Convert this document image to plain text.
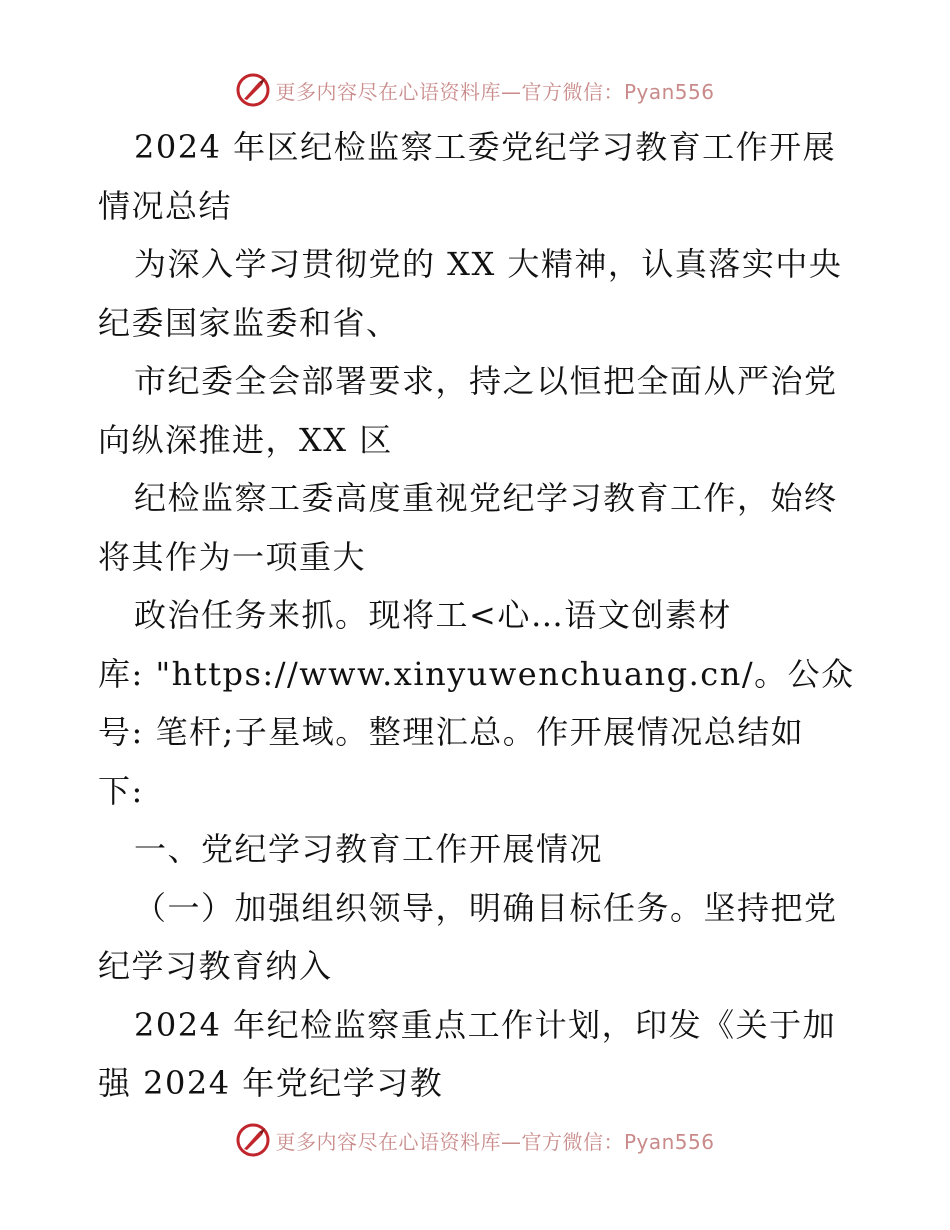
更多内容尽在心语资料库—官方微信：Pyan556
2024 年区纪检监察工委党纪学习教育工作开展
情况总结
为深入学习贯彻党的 XX 大精神，认真落实中央
纪委国家监委和省、
市纪委全会部署要求，持之以恒把全面从严治党
向纵深推进，XX 区
纪检监察工委高度重视党纪学习教育工作，始终
将其作为一项重大
政治任务来抓。现将工<心…语文创素材
库: "https://www.xinyuwenchuang.cn/。公众
号: 笔杆;子星域。整理汇总。作开展情况总结如
下:
一、党纪学习教育工作开展情况
（一）加强组织领导，明确目标任务。坚持把党
纪学习教育纳入
2024 年纪检监察重点工作计划，印发《关于加
强 2024 年党纪学习教
更多内容尽在心语资料库—官方微信：Pyan556
